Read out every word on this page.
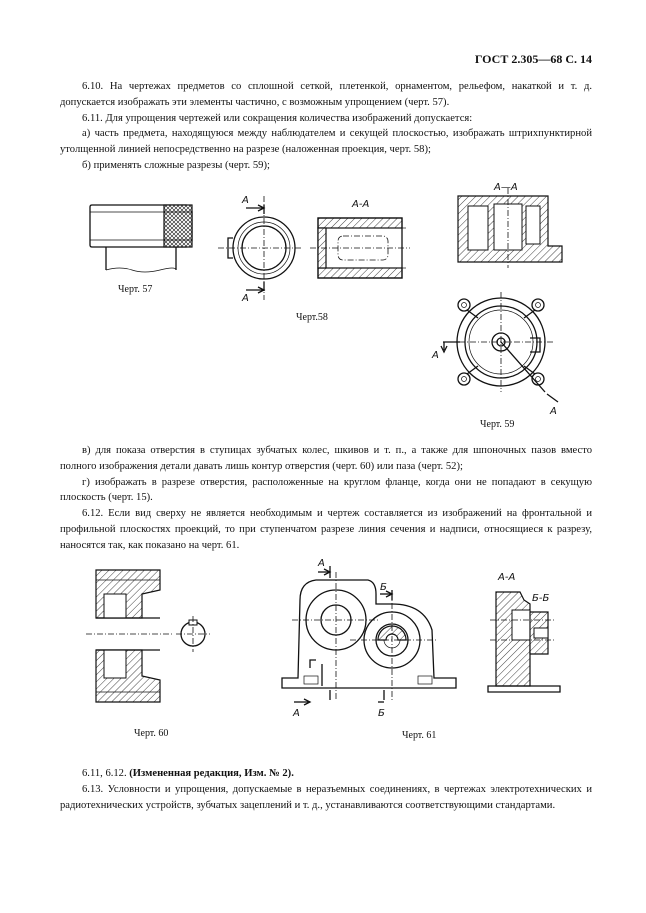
ГОСТ 2.305—68 С. 14

6.10. На чертежах предметов со сплошной сеткой, плетенкой, орнаментом, рельефом, накаткой и т. д. допускается изображать эти элементы частично, с возможным упрощением (черт. 57).

6.11. Для упрощения чертежей или сокращения количества изображений допускается:

а) часть предмета, находящуюся между наблюдателем и секущей плоскостью, изображать штрихпунктирной утолщенной линией непосредственно на разрезе (наложенная проекция, черт. 58);

б) применять сложные разрезы (черт. 59);

А
А
А-А
А—А
А
А
А
Б
А	Б
А-А
Б-Б
Черт. 57
Черт.58
Черт. 59

в) для показа отверстия в ступицах зубчатых колес, шкивов и т. п., а также для шпоночных пазов вместо полного изображения детали давать лишь контур отверстия (черт. 60) или паза (черт. 52);

г) изображать в разрезе отверстия, расположенные на круглом фланце, когда они не попадают в секущую плоскость (черт. 15).

6.12. Если вид сверху не является необходимым и чертеж составляется из изображений на фронтальной и профильной плоскостях проекций, то при ступенчатом разрезе линия сечения и надписи, относящиеся к разрезу, наносятся так, как показано на черт. 61.

Черт. 60	Черт. 61

6.11, 6.12. (Измененная редакция, Изм. № 2).

6.13. Условности и упрощения, допускаемые в неразъемных соединениях, в чертежах электротехнических и радиотехнических устройств, зубчатых зацеплений и т. д., устанавливаются соответствующими стандартами.
